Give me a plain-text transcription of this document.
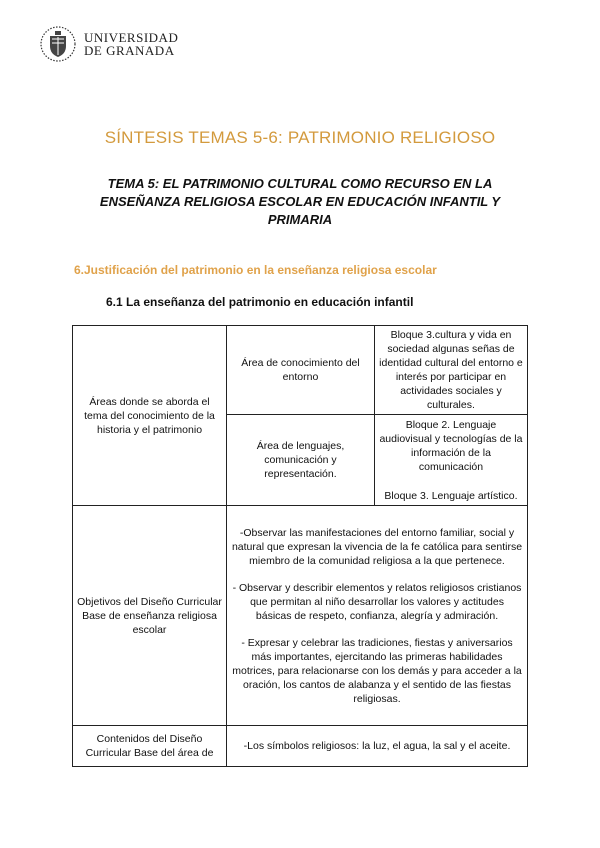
UNIVERSIDAD
DE GRANADA
SÍNTESIS TEMAS 5-6: PATRIMONIO RELIGIOSO
TEMA 5: EL PATRIMONIO CULTURAL COMO RECURSO EN LA ENSEÑANZA RELIGIOSA ESCOLAR EN EDUCACIÓN INFANTIL Y PRIMARIA
6.Justificación del patrimonio en la enseñanza religiosa escolar
6.1 La enseñanza del patrimonio en educación infantil
Áreas donde se aborda el tema del conocimiento de la historia y el patrimonio	Área de conocimiento del entorno	Bloque 3.cultura y vida en sociedad algunas señas de identidad cultural del entorno e interés por participar en actividades sociales y culturales.
	Área de lenguajes, comunicación y representación.	Bloque 2. Lenguaje audiovisual y tecnologías de la información de la comunicación

Bloque 3. Lenguaje artístico.

Objetivos del Diseño Curricular Base de enseñanza religiosa escolar	-Observar las manifestaciones del entorno familiar, social y natural que expresan la vivencia de la fe católica para sentirse miembro de la comunidad religiosa a la que pertenece.

- Observar y describir elementos y relatos religiosos cristianos que permitan al niño desarrollar los valores y actitudes básicas de respeto, confianza, alegría y admiración.

- Expresar y celebrar las tradiciones, fiestas y aniversarios más importantes, ejercitando las primeras habilidades motrices, para relacionarse con los demás y para acceder a la oración, los cantos de alabanza y el sentido de las fiestas religiosas.	

Contenidos del Diseño Curricular Base del área de	-Los símbolos religiosos: la luz, el agua, la sal y el aceite.	
